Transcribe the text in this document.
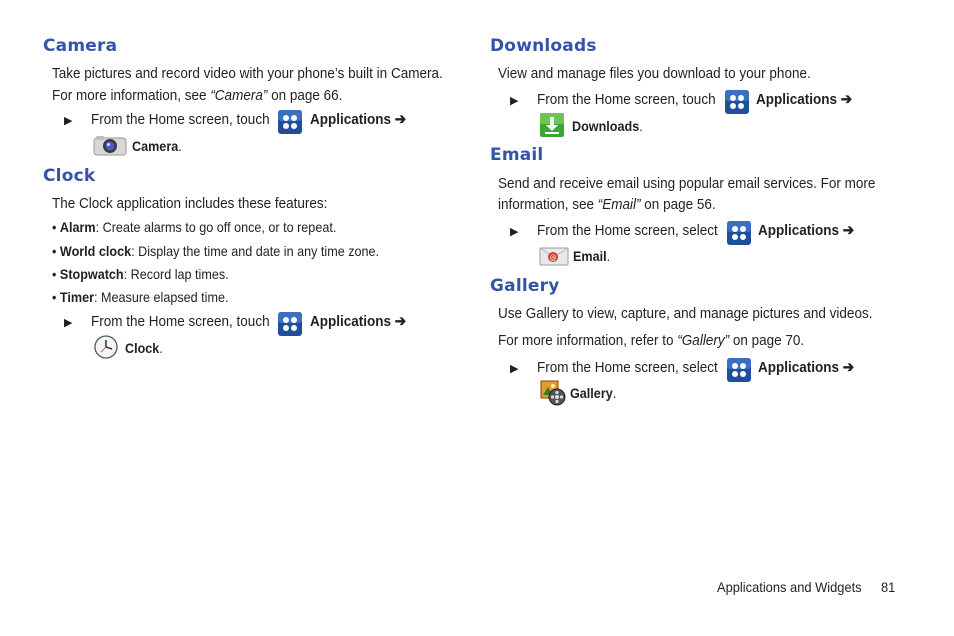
Camera
Take pictures and record video with your phone’s built in Camera.
For more information, see “Camera” on page 66.
▶ From the Home screen, touch	Applications ➔
Camera.
Clock
The Clock application includes these features:
• Alarm: Create alarms to go off once, or to repeat.
• World clock: Display the time and date in any time zone.
• Stopwatch: Record lap times.
• Timer: Measure elapsed time.
▶ From the Home screen, touch	Applications ➔
Clock.
Downloads
View and manage files you download to your phone.
▶ From the Home screen, touch	Applications ➔
Downloads.
Email
Send and receive email using popular email services. For more
information, see “Email” on page 56.
▶ From the Home screen, select	Applications ➔
@ Email.
Gallery
Use Gallery to view, capture, and manage pictures and videos.
For more information, refer to “Gallery” on page 70.
▶ From the Home screen, select	Applications ➔
Gallery.
Applications and Widgets 81
